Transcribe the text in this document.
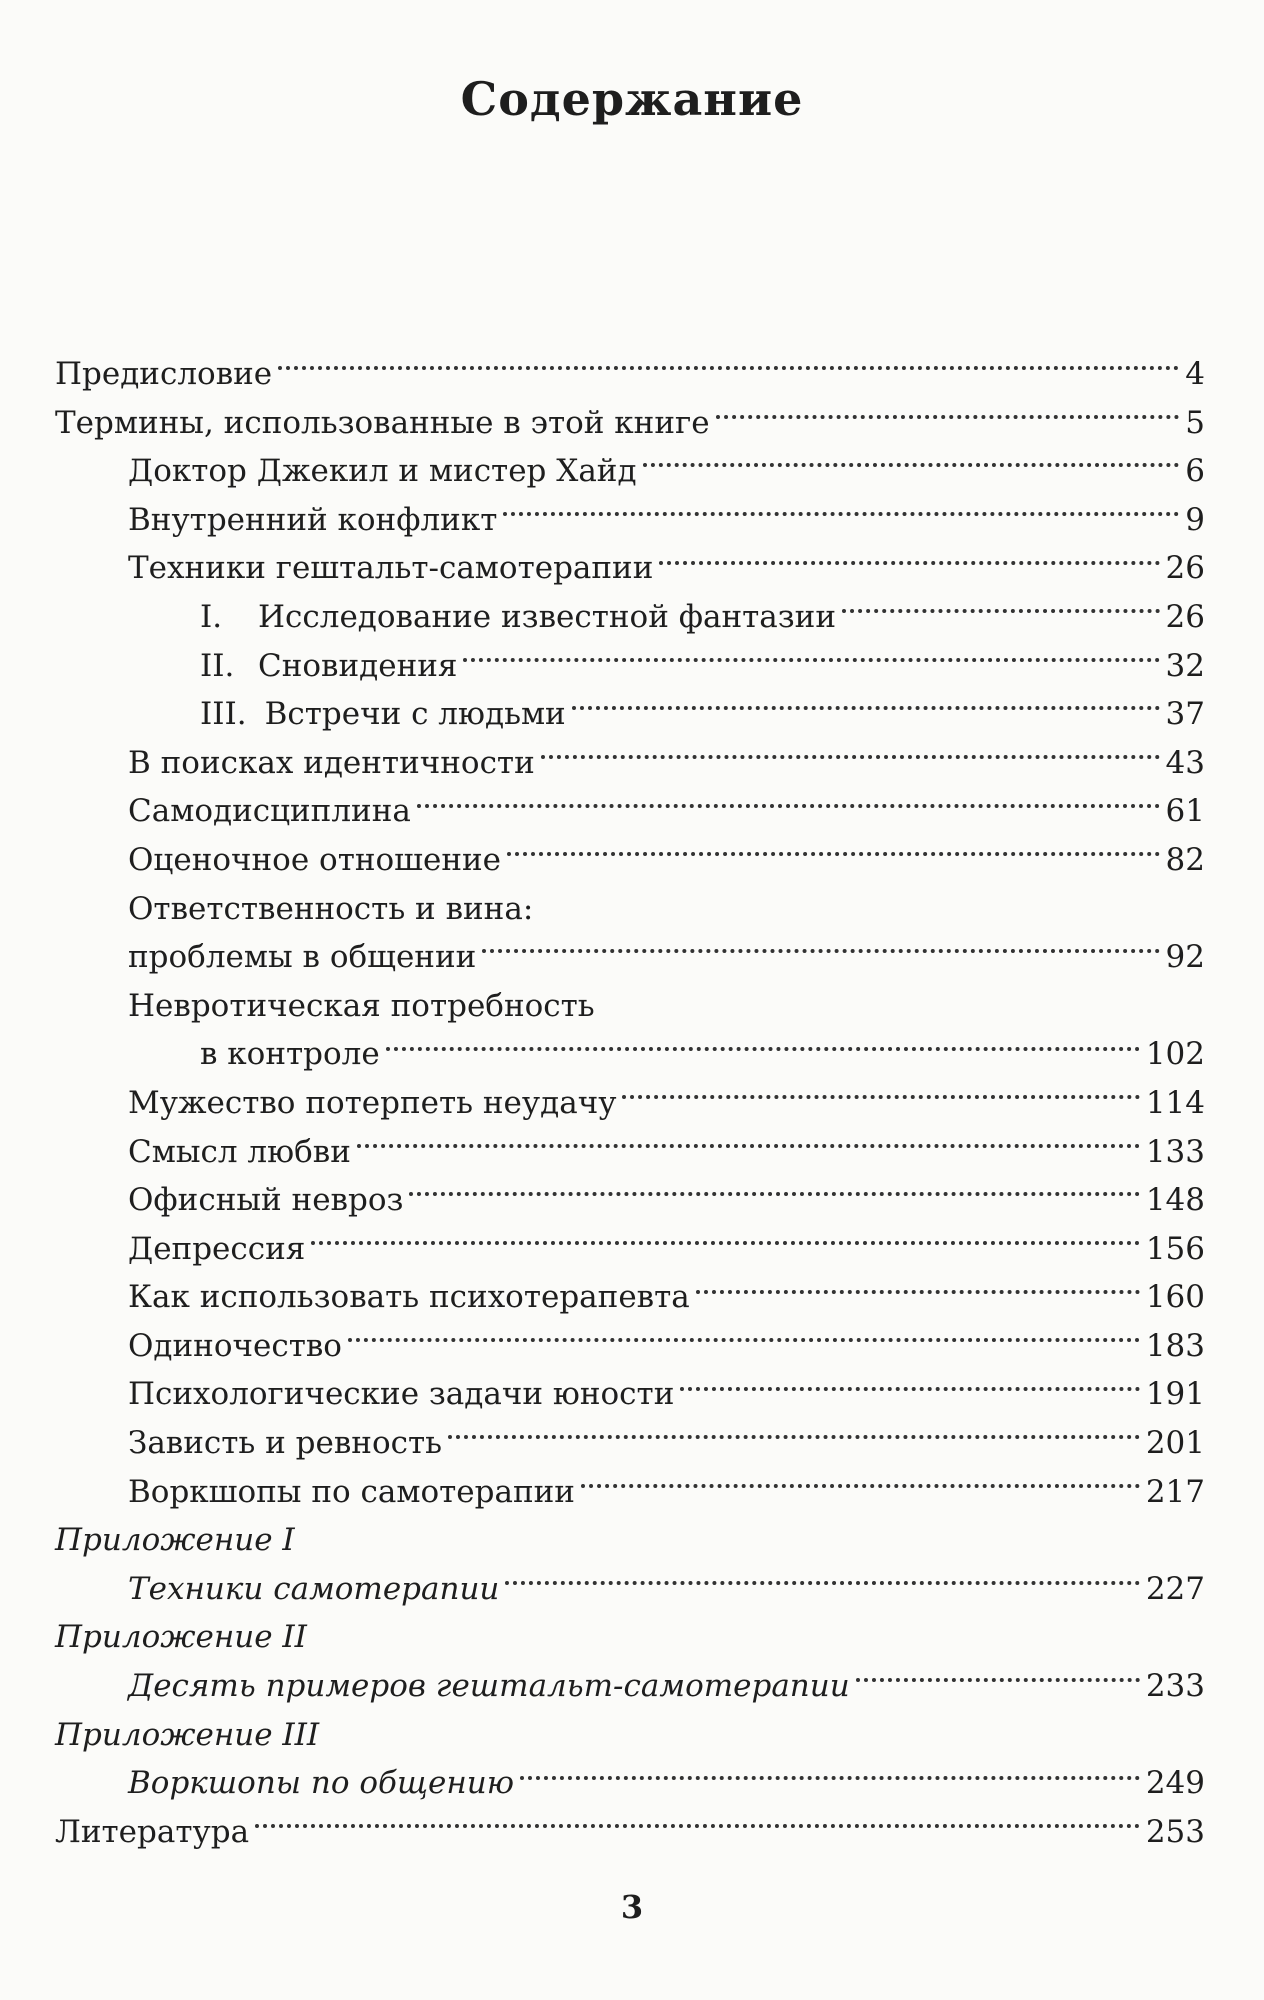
Содержание
Предисловие	4
Термины, использованные в этой книге	5
Доктор Джекил и мистер Хайд	6
Внутренний конфликт	9
Техники гештальт-самотерапии	26
I.	Исследование известной фантазии	26
II. Сновидения	32
III. Встречи с людьми	37
В поисках идентичности	43
Самодисциплина	61
Оценочное отношение	82
Ответственность и вина:
проблемы в общении	92
Невротическая потребность
в контроле	102
Мужество потерпеть неудачу	114
Смысл любви	133
Офисный невроз	148
Депрессия	156
Как использовать психотерапевта	160
Одиночество	183
Психологические задачи юности	191
Зависть и ревность	201
Воркшопы по самотерапии	217
Приложение I
Техники самотерапии	227
Приложение II
Десять примеров гештальт-самотерапии	233
Приложение III
Воркшопы по общению	249
Литература	253
3
